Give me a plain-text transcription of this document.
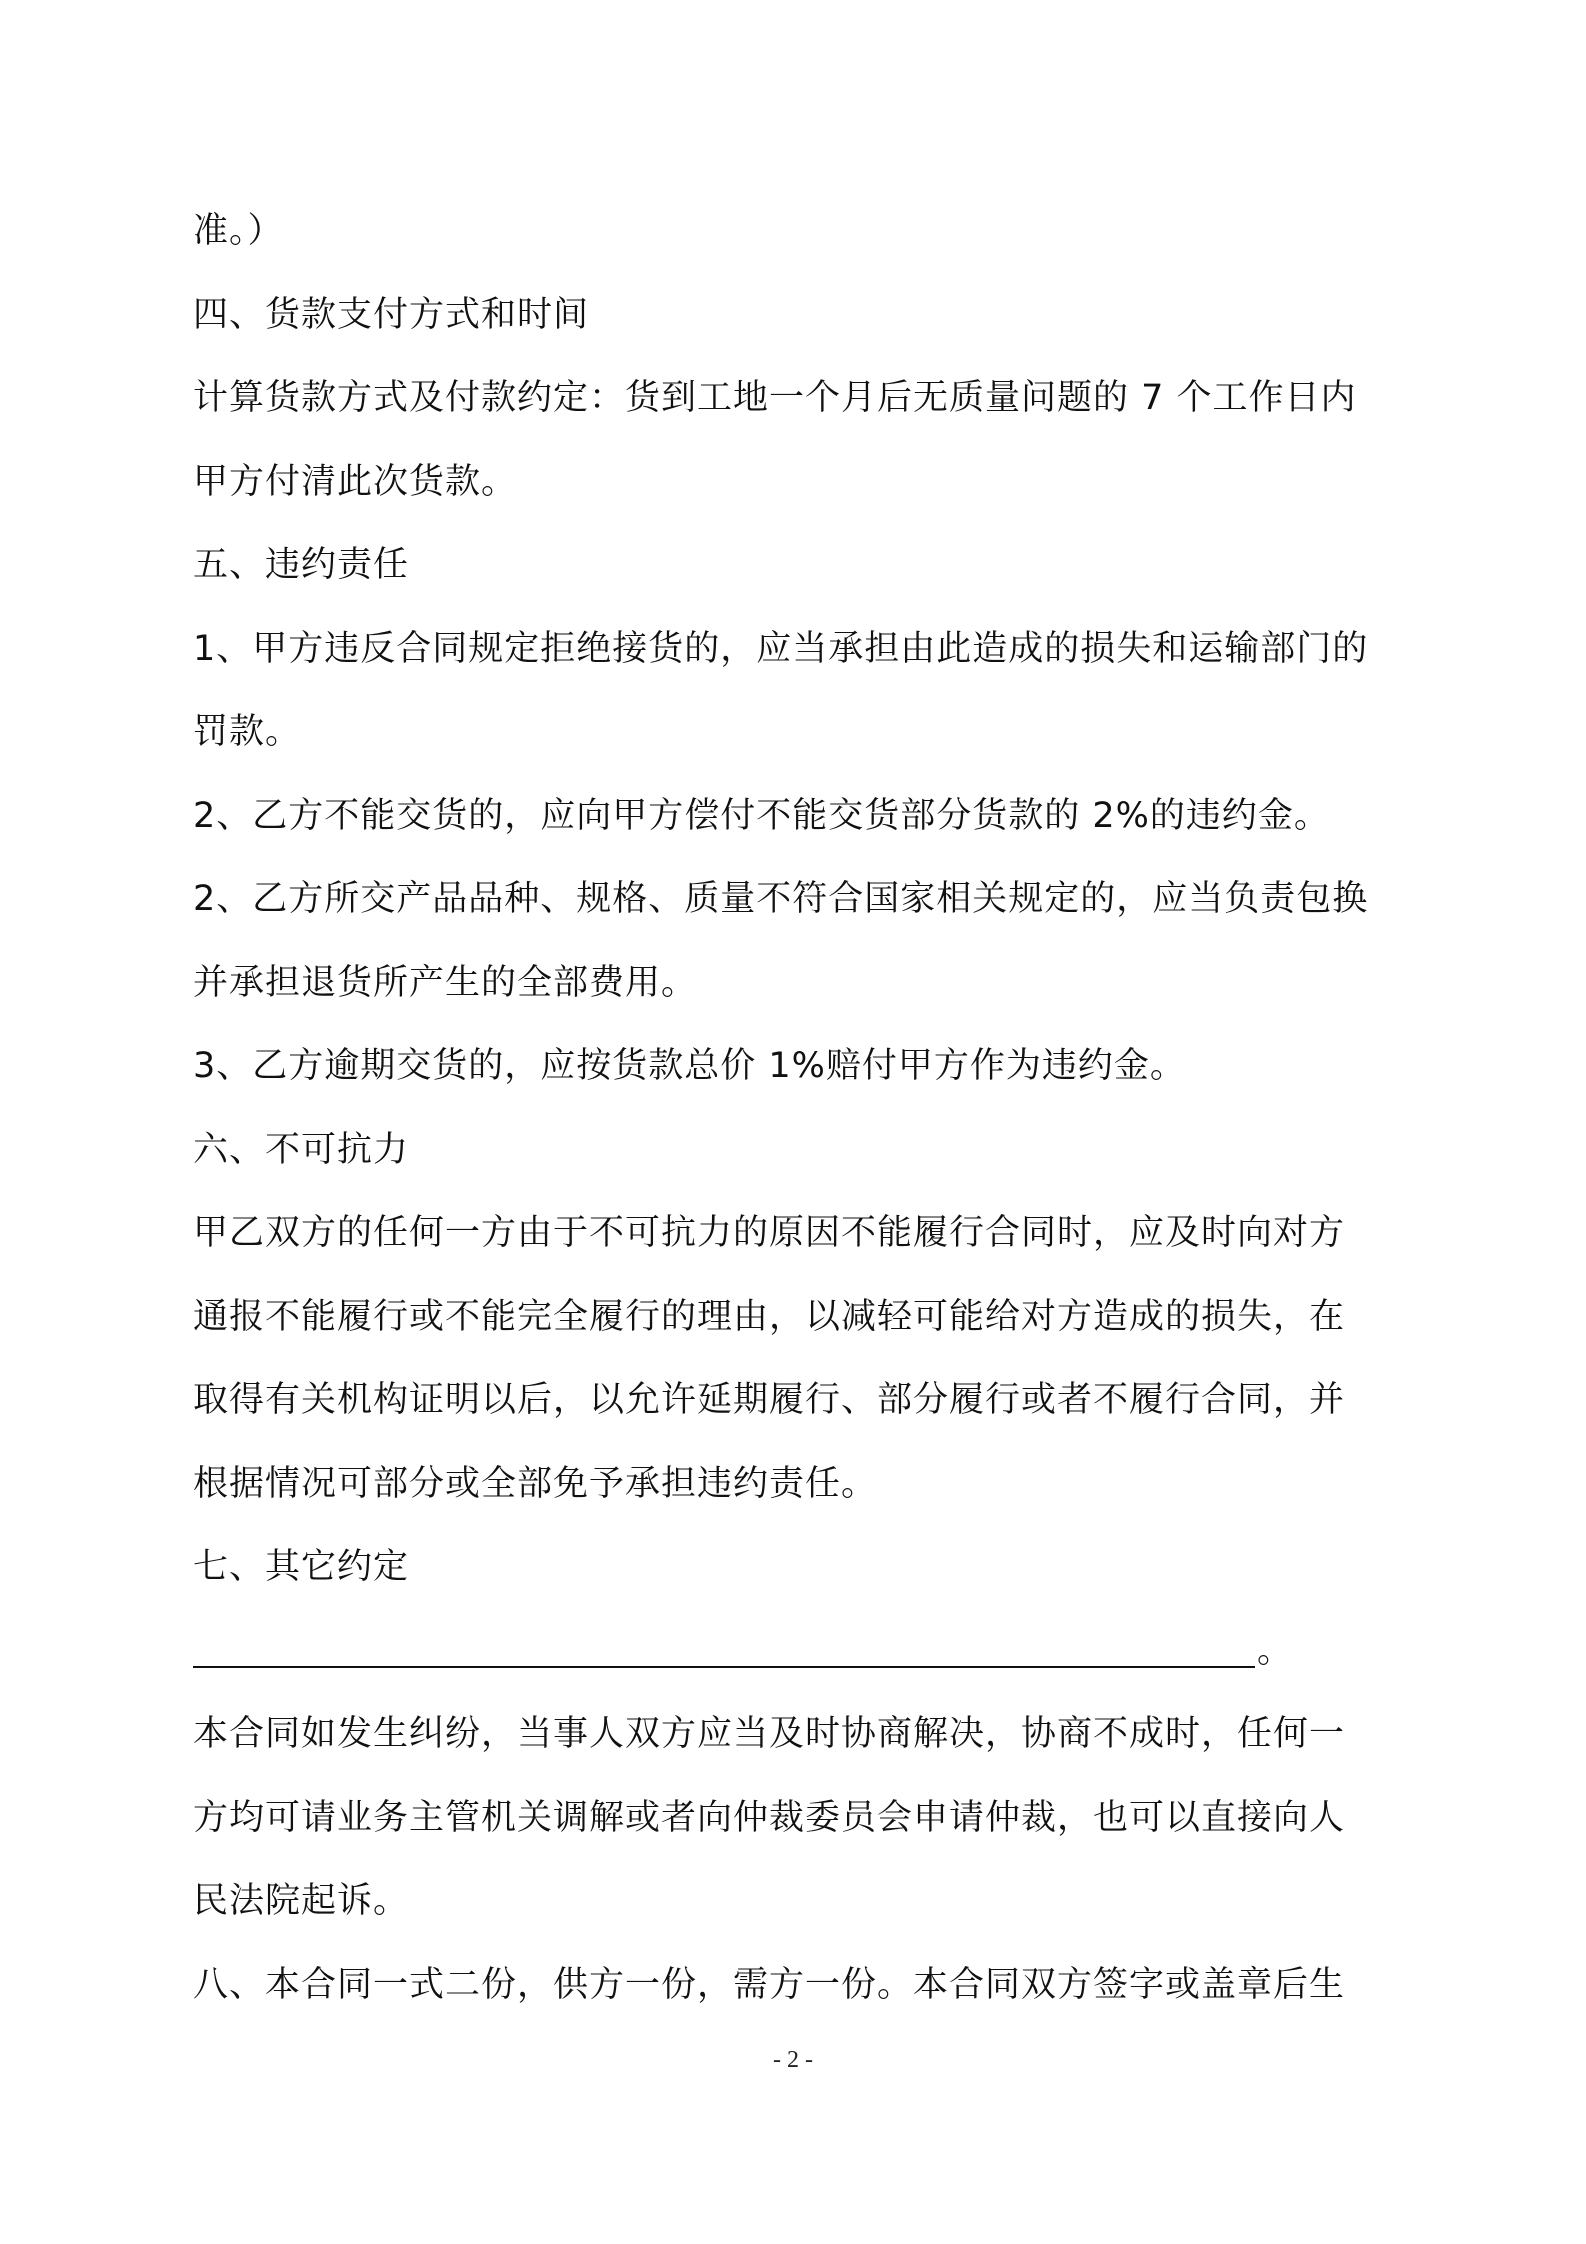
准。）
四、货款支付方式和时间
计算货款方式及付款约定：货到工地一个月后无质量问题的 7 个工作日内
甲方付清此次货款。
五、违约责任
1、甲方违反合同规定拒绝接货的，应当承担由此造成的损失和运输部门的
罚款。
2、乙方不能交货的，应向甲方偿付不能交货部分货款的 2%的违约金。
2、乙方所交产品品种、规格、质量不符合国家相关规定的，应当负责包换
并承担退货所产生的全部费用。
3、乙方逾期交货的，应按货款总价 1%赔付甲方作为违约金。
六、不可抗力
甲乙双方的任何一方由于不可抗力的原因不能履行合同时，应及时向对方
通报不能履行或不能完全履行的理由，以减轻可能给对方造成的损失，在
取得有关机构证明以后，以允许延期履行、部分履行或者不履行合同，并
根据情况可部分或全部免予承担违约责任。
七、其它约定
。
本合同如发生纠纷，当事人双方应当及时协商解决，协商不成时，任何一
方均可请业务主管机关调解或者向仲裁委员会申请仲裁，也可以直接向人
民法院起诉。
八、本合同一式二份，供方一份，需方一份。本合同双方签字或盖章后生
- 2 -
